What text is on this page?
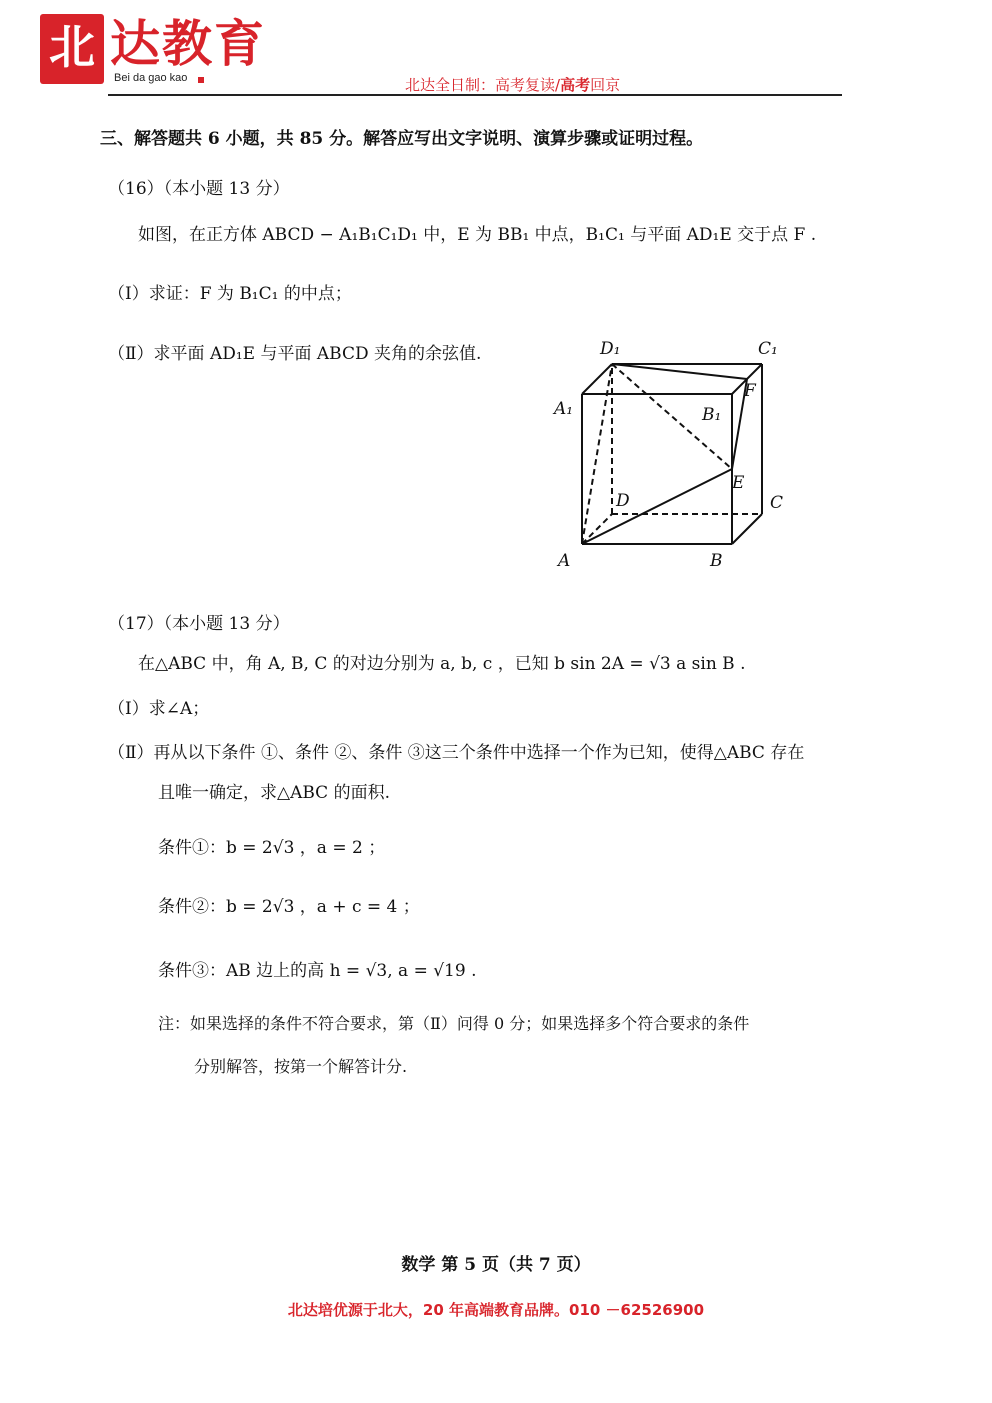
北 达教育
Bei da gao kao	北达全日制：高考复读/高考回京
三、解答题共 6 小题，共 85 分。解答应写出文字说明、演算步骤或证明过程。
（16）（本小题 13 分）
如图，在正方体 ABCD − A₁B₁C₁D₁ 中，E 为 BB₁ 中点，B₁C₁ 与平面 AD₁E 交于点 F .
（Ⅰ）求证：F 为 B₁C₁ 的中点；
（Ⅱ）求平面 AD₁E 与平面 ABCD 夹角的余弦值.	D₁	C₁
A₁	B₁
F
E
D	C
A	B
（17）（本小题 13 分）
在△ABC 中，角 A, B, C 的对边分别为 a, b, c ，已知 b sin 2A = √3 a sin B .
（Ⅰ）求∠A；
（Ⅱ）再从以下条件 ①、条件 ②、条件 ③这三个条件中选择一个作为已知，使得△ABC 存在
且唯一确定，求△ABC 的面积.
条件①：b = 2√3 ，a = 2 ；
条件②：b = 2√3 ，a + c = 4 ；
条件③：AB 边上的高 h = √3, a = √19 .
注：如果选择的条件不符合要求，第（Ⅱ）问得 0 分；如果选择多个符合要求的条件
分别解答，按第一个解答计分.
数学 第 5 页（共 7 页）
北达培优源于北大，20 年高端教育品牌。010 －62526900
